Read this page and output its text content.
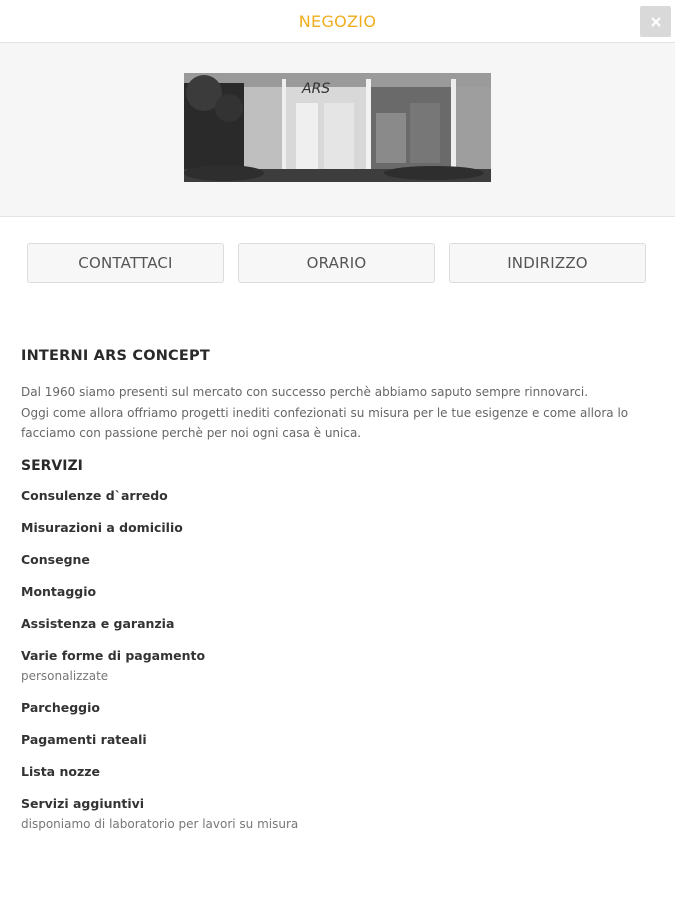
NEGOZIO
ARS
CONTATTACI	ORARIO	INDIRIZZO
INTERNI ARS CONCEPT

Dal 1960 siamo presenti sul mercato con successo perchè abbiamo saputo sempre rinnovarci.
Oggi come allora offriamo progetti inediti confezionati su misura per le tue esigenze e come allora lo facciamo con passione perchè per noi ogni casa è unica.

SERVIZI
Consulenze d`arredo
Misurazioni a domicilio
Consegne
Montaggio
Assistenza e garanzia
Varie forme di pagamento
personalizzate
Parcheggio
Pagamenti rateali
Lista nozze
Servizi aggiuntivi
disponiamo di laboratorio per lavori su misura
